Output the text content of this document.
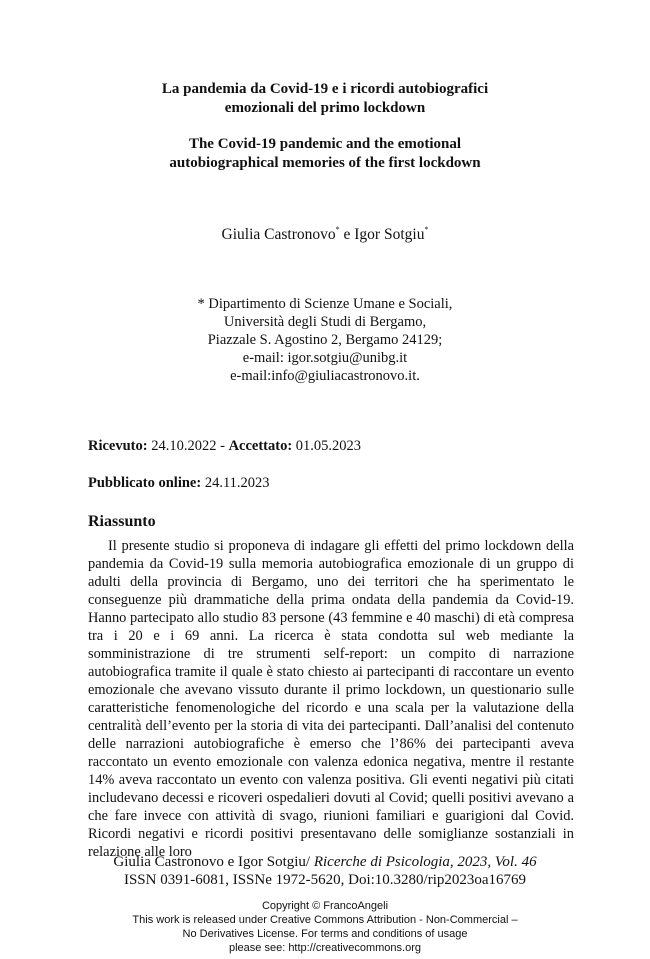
La pandemia da Covid-19 e i ricordi autobiografici
emozionali del primo lockdown
The Covid-19 pandemic and the emotional
autobiographical memories of the first lockdown
Giulia Castronovo* e Igor Sotgiu*
* Dipartimento di Scienze Umane e Sociali,
Università degli Studi di Bergamo,
Piazzale S. Agostino 2, Bergamo 24129;
e-mail: igor.sotgiu@unibg.it
e-mail:info@giuliacastronovo.it.
Ricevuto: 24.10.2022 - Accettato: 01.05.2023
Pubblicato online: 24.11.2023
Riassunto
Il presente studio si proponeva di indagare gli effetti del primo lockdown della pandemia da Covid-19 sulla memoria autobiografica emozionale di un gruppo di adulti della provincia di Bergamo, uno dei territori che ha sperimentato le conseguenze più drammatiche della prima ondata della pandemia da Covid-19. Hanno partecipato allo studio 83 persone (43 femmine e 40 maschi) di età compresa tra i 20 e i 69 anni. La ricerca è stata condotta sul web mediante la somministrazione di tre strumenti self-report: un compito di narrazione autobiografica tramite il quale è stato chiesto ai partecipanti di raccontare un evento emozionale che avevano vissuto durante il primo lockdown, un questionario sulle caratteristiche fenomenologiche del ricordo e una scala per la valutazione della centralità dell’evento per la storia di vita dei partecipanti. Dall’analisi del contenuto delle narrazioni autobiografiche è emerso che l’86% dei partecipanti aveva raccontato un evento emozionale con valenza edonica negativa, mentre il restante 14% aveva raccontato un evento con valenza positiva. Gli eventi negativi più citati includevano decessi e ricoveri ospedalieri dovuti al Covid; quelli positivi avevano a che fare invece con attività di svago, riunioni familiari e guarigioni dal Covid. Ricordi negativi e ricordi positivi presentavano delle somiglianze sostanziali in relazione alle loro
Giulia Castronovo e Igor Sotgiu/ Ricerche di Psicologia, 2023, Vol. 46
ISSN 0391-6081, ISSNe 1972-5620, Doi:10.3280/rip2023oa16769
Copyright © FrancoAngeli
This work is released under Creative Commons Attribution - Non-Commercial –
No Derivatives License. For terms and conditions of usage
please see: http://creativecommons.org
